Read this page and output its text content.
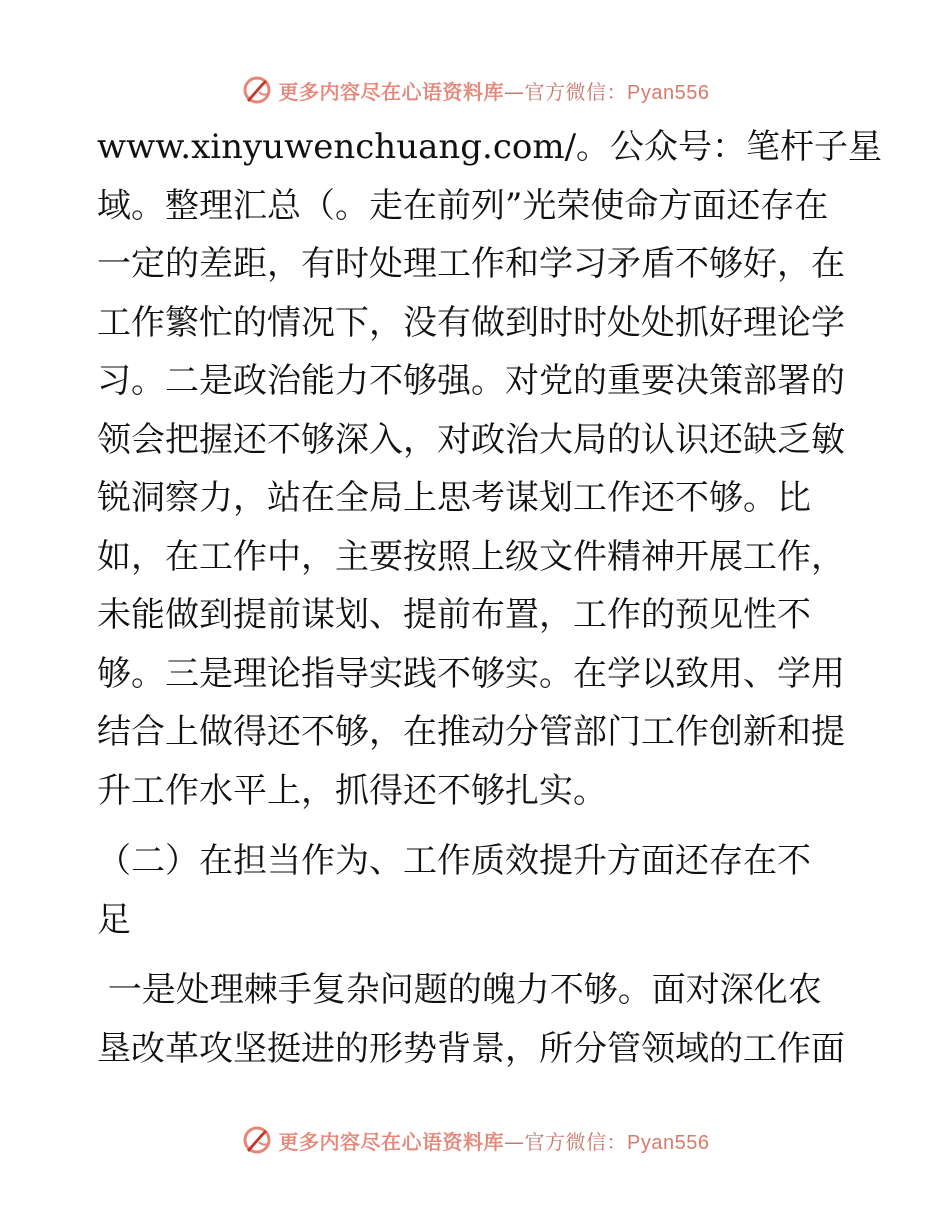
更多内容尽在心语资料库—官方微信：Pyan556
www.xinyuwenchuang.com/。公众号：笔杆子星
域。整理汇总（。走在前列”光荣使命方面还存在
一定的差距，有时处理工作和学习矛盾不够好，在
工作繁忙的情况下，没有做到时时处处抓好理论学
习。二是政治能力不够强。对党的重要决策部署的
领会把握还不够深入，对政治大局的认识还缺乏敏
锐洞察力，站在全局上思考谋划工作还不够。比
如，在工作中，主要按照上级文件精神开展工作，
未能做到提前谋划、提前布置，工作的预见性不
够。三是理论指导实践不够实。在学以致用、学用
结合上做得还不够，在推动分管部门工作创新和提
升工作水平上，抓得还不够扎实。
（二）在担当作为、工作质效提升方面还存在不
足
一是处理棘手复杂问题的魄力不够。面对深化农
垦改革攻坚挺进的形势背景，所分管领域的工作面
更多内容尽在心语资料库—官方微信：Pyan556
